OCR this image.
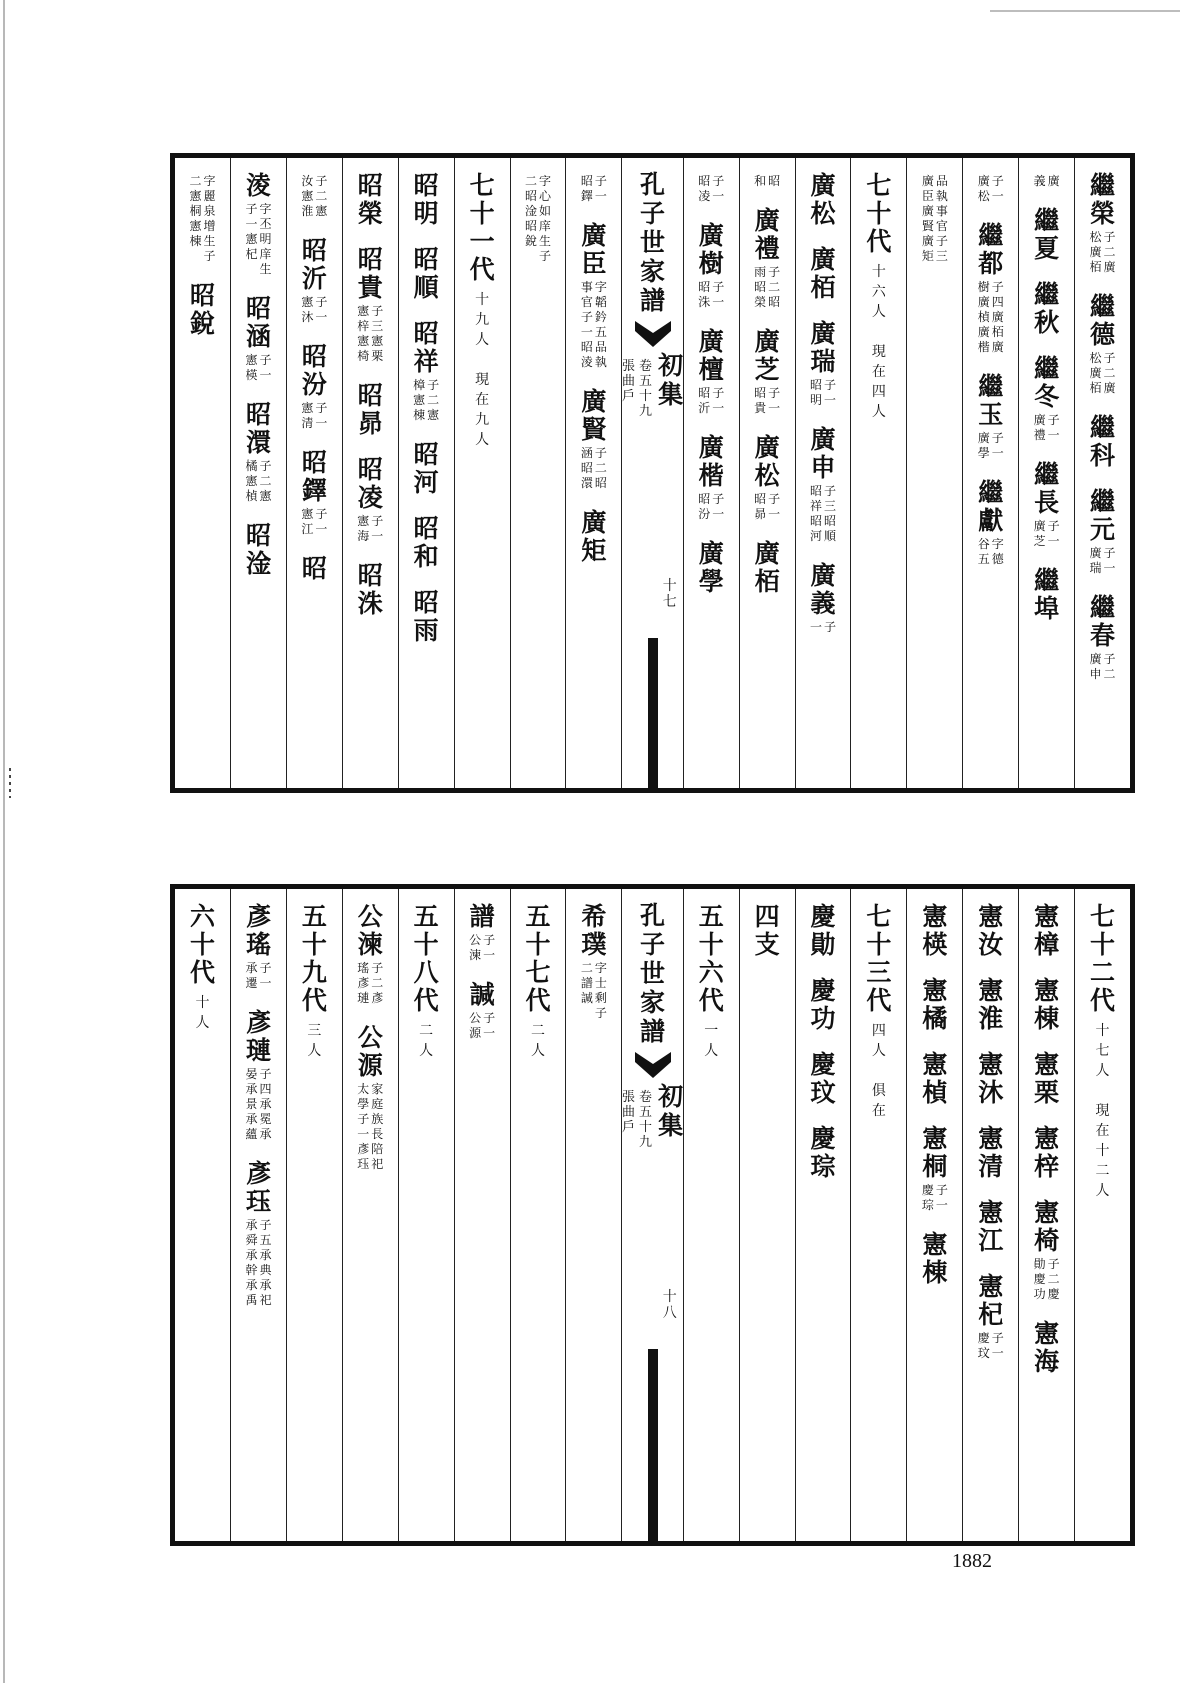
繼
榮
子
二
廣
松
廣
栢
繼
德
子
二
廣
松
廣
栢
繼
科
繼
元
子
一
廣
瑞
繼
春
子
二
廣
申
廣
義
繼
夏
繼
秋
繼
冬
子
一
廣
禮
繼
長
子
一
廣
芝
繼
埠
子
一
廣
松
繼
都
子
四
廣
栢
廣
樹
廣
楨
廣
楷
繼
玉
子
一
廣
學
繼
獻
字
德
谷
五
品
執
事
官
子
三
廣
臣
廣
賢
廣
矩
七
十
代
十
六
人
現
在
四
人
廣
松
廣
栢
廣
瑞
子
一
昭
明
廣
申
子
三
昭
順
昭
祥
昭
河
廣
義
子
一
昭
和
廣
禮
子
二
昭
雨
昭
榮
廣
芝
子
一
昭
貴
廣
松
子
一
昭
昴
廣
栢
子
一
昭
凌
廣
樹
子
一
昭
洙
廣
檀
子
一
昭
沂
廣
楷
子
一
昭
汾
廣
學
孔
子
世
家
譜
初
集
卷
五
十
九
張
曲
戶
十
七
子
一
昭
鐸
廣
臣
字
韜
鈐
五
品
執
事
官
子
一
昭
淩
廣
賢
子
二
昭
涵
昭
澴
廣
矩
字
心
如
庠
生
子
二
昭
淦
昭
銳
七
十
一
代
十
九
人
現
在
九
人
昭
明
昭
順
昭
祥
子
二
憲
樟
憲
棟
昭
河
昭
和
昭
雨
昭
榮
昭
貴
子
三
憲
栗
憲
梓
憲
椅
昭
昴
昭
凌
子
一
憲
海
昭
洙
子
二
憲
汝
憲
淮
昭
沂
子
一
憲
沐
昭
汾
子
一
憲
清
昭
鐸
子
一
憲
江
昭
淩
字
丕
明
庠
生
子
一
憲
杞
昭
涵
子
一
憲
楧
昭
澴
子
二
憲
橘
憲
楨
昭
淦
字
麗
泉
增
生
子
二
憲
桐
憲
棟
昭
銳
七
十
二
代
十
七
人
現
在
十
二
人
憲
樟
憲
棟
憲
栗
憲
梓
憲
椅
子
二
慶
勛
慶
功
憲
海
憲
汝
憲
淮
憲
沐
憲
清
憲
江
憲
杞
子
一
慶
玟
憲
楧
憲
橘
憲
楨
憲
桐
子
一
慶
琮
憲
棟
七
十
三
代
四
人
俱
在
慶
勛
慶
功
慶
玟
慶
琮
四
支
五
十
六
代
一
人
孔
子
世
家
譜
初
集
卷
五
十
九
張
曲
戶
十
八
希
璞
字
士
剩
子
二
譜
諴
五
十
七
代
二
人
譜
子
一
公
湅
諴
子
一
公
源
五
十
八
代
二
人
公
湅
子
二
彥
瑤
彥
璉
公
源
家
庭
族
長
陪
祀
太
學
子
一
彥
珏
五
十
九
代
三
人
彥
瑤
子
一
承
遷
彥
璉
子
四
承
冕
承
晏
承
景
承
蘊
彥
珏
子
五
承
典
承
祀
承
舜
承
幹
承
禹
六
十
代
十
人
1882
